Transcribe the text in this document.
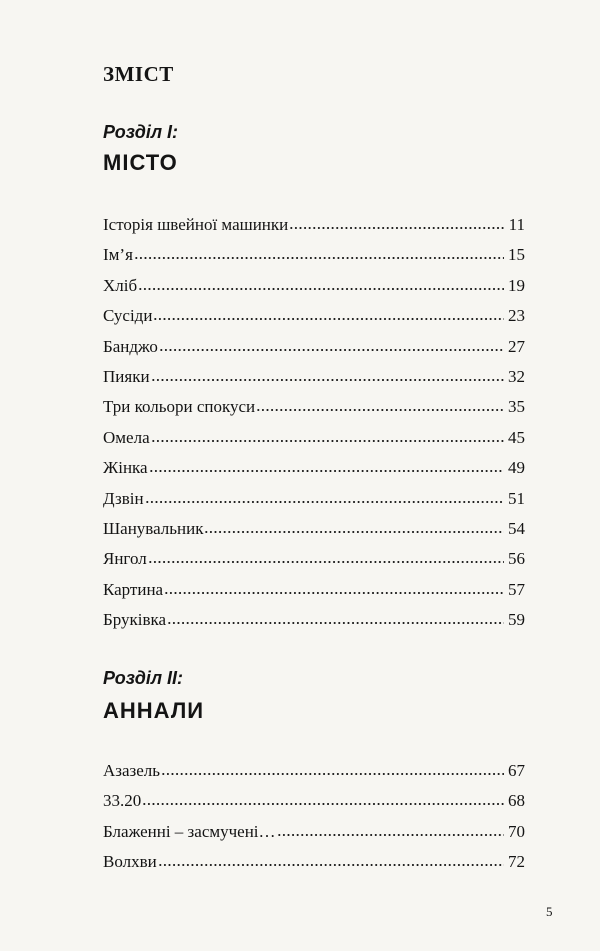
ЗМІСТ
Розділ І:
МІСТО
Історія швейної машинки	11
Ім’я	15
Хліб	19
Сусіди	23
Банджо	27
Пияки	32
Три кольори спокуси	35
Омела	45
Жінка	49
Дзвін	51
Шанувальник	54
Янгол	56
Картина	57
Бруківка	59
Розділ ІІ:
АННАЛИ
Азазель	67
33.20	68
Блаженні – засмучені…	70
Волхви	72
5
